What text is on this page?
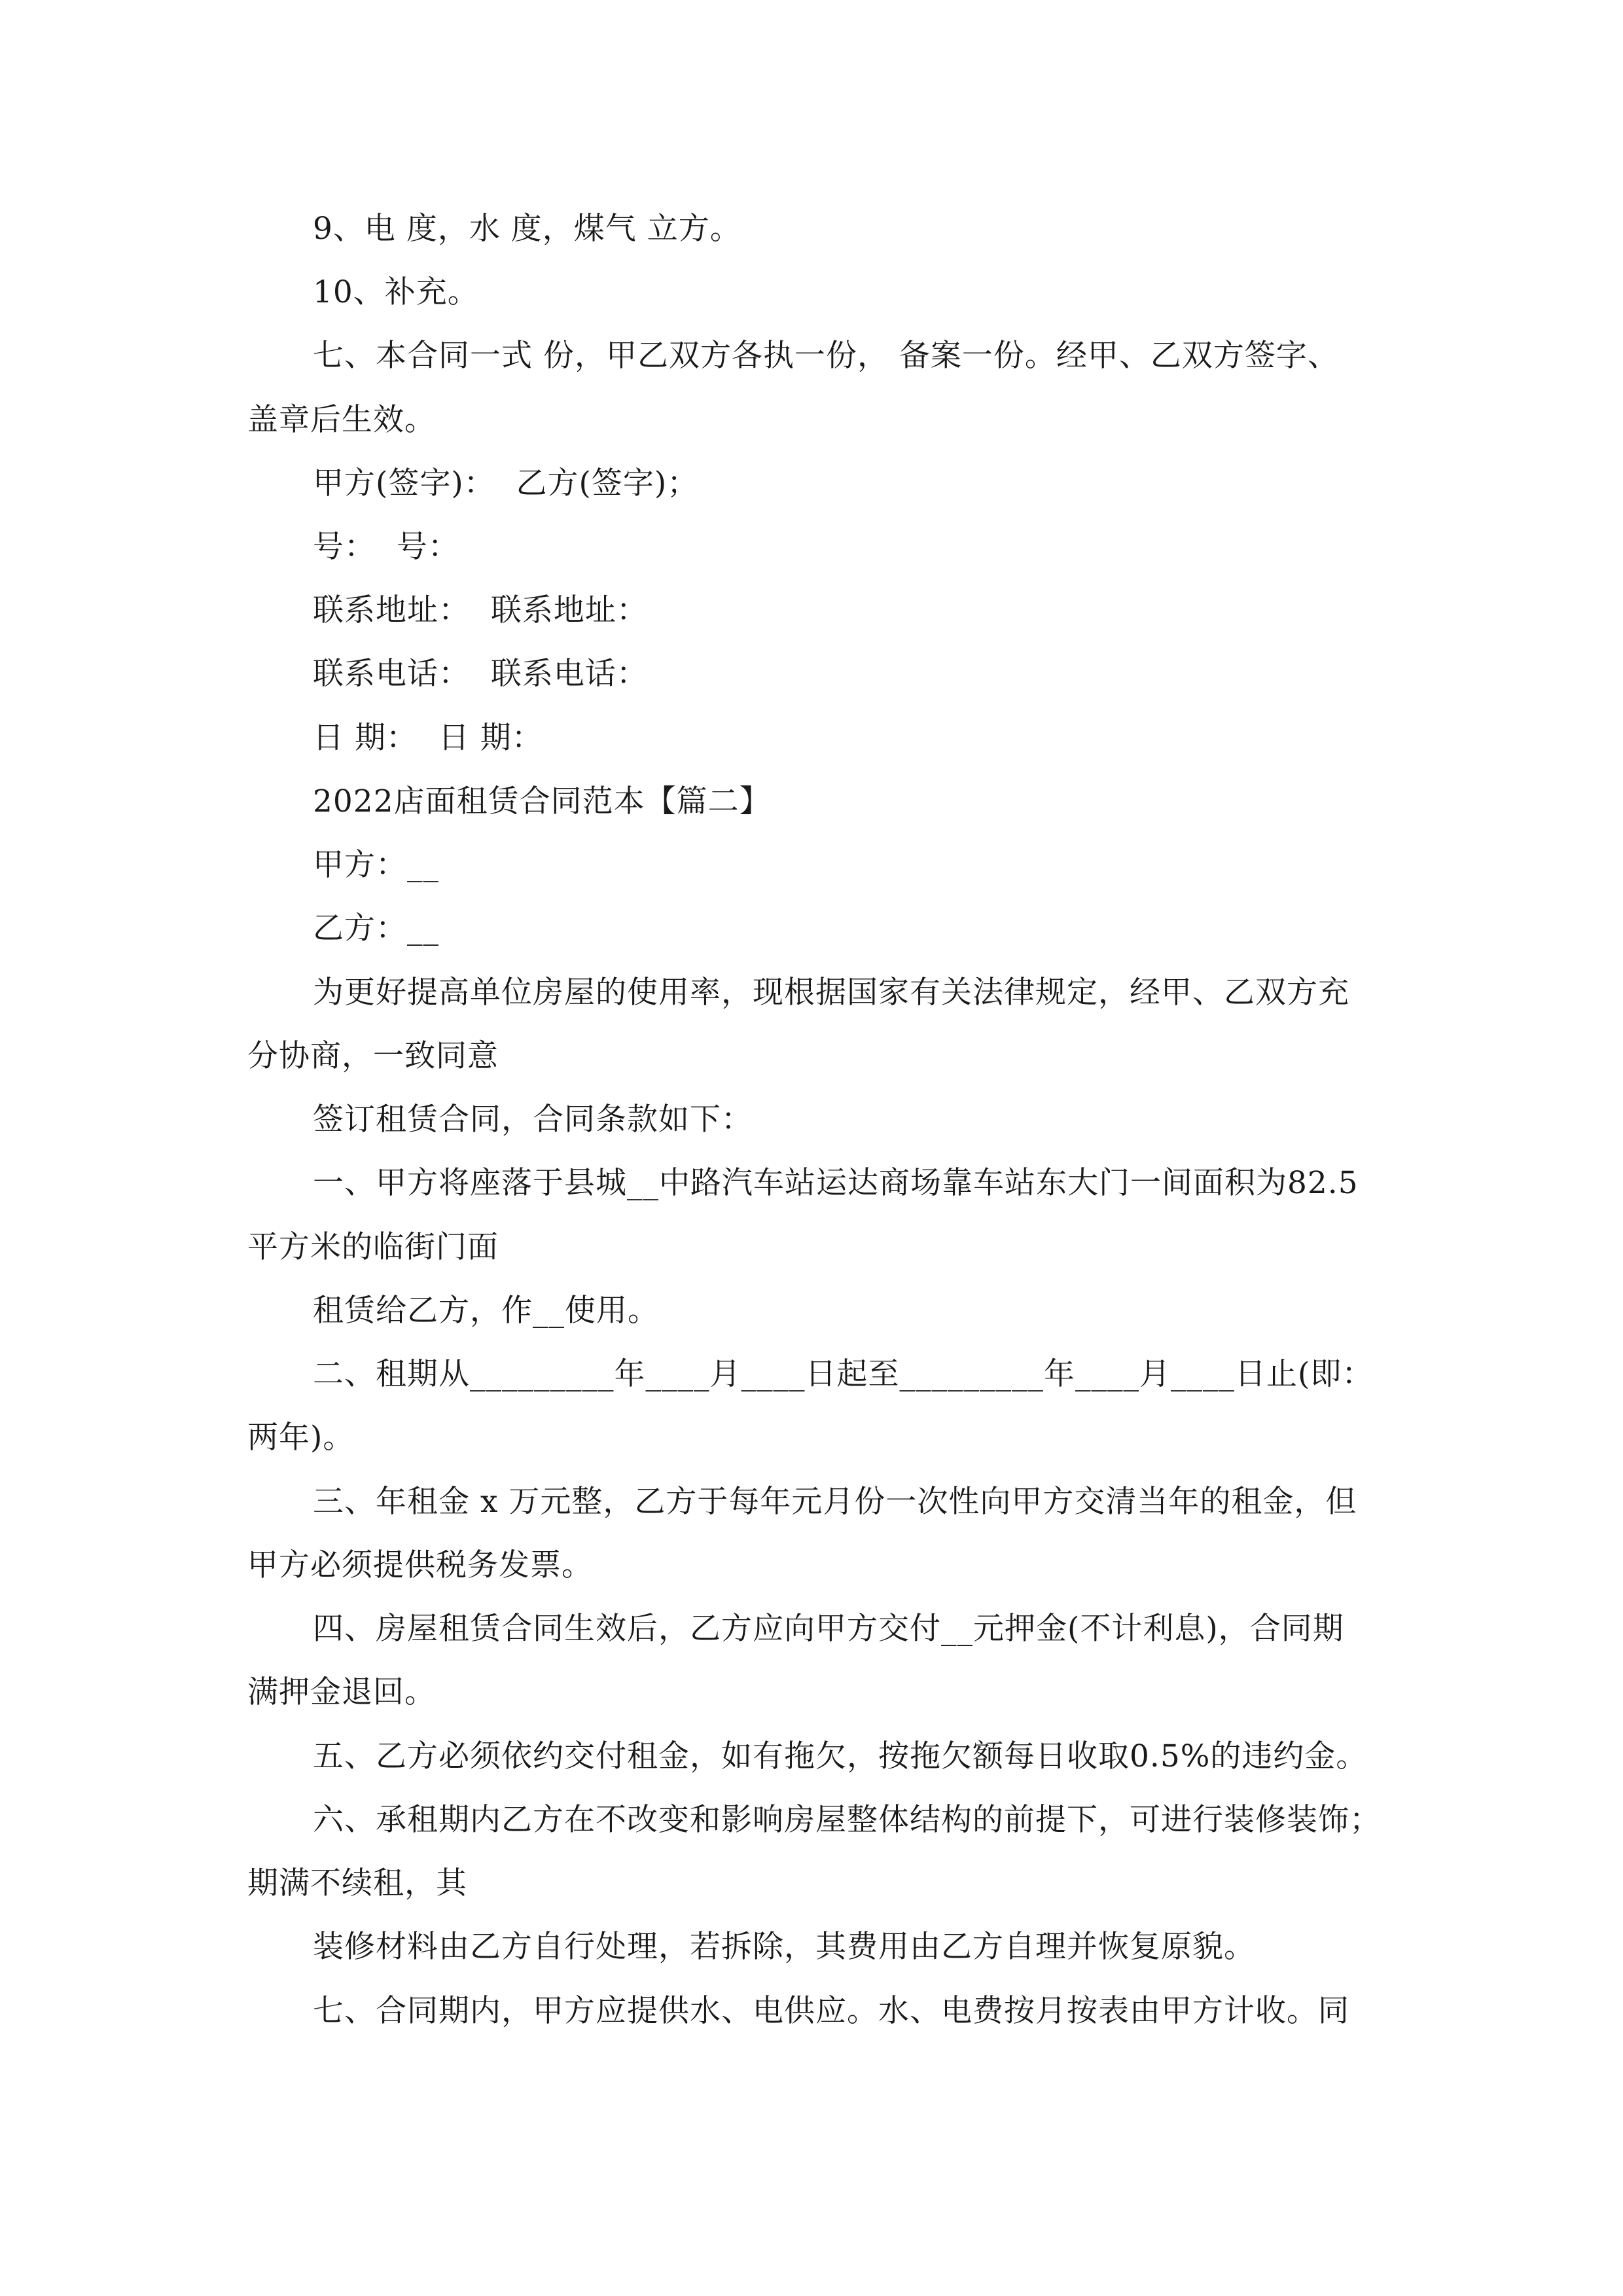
9、电 度，水 度，煤气 立方。
10、补充。
七、本合同一式 份，甲乙双方各执一份， 备案一份。经甲、乙双方签字、
盖章后生效。
甲方(签字)：  乙方(签字)；
号：  号：
联系地址：  联系地址：
联系电话：  联系电话：
日 期：  日 期：
2022店面租赁合同范本【篇二】
甲方：__
乙方：__
为更好提高单位房屋的使用率，现根据国家有关法律规定，经甲、乙双方充
分协商，一致同意
签订租赁合同，合同条款如下：
一、甲方将座落于县城__中路汽车站运达商场靠车站东大门一间面积为82.5
平方米的临街门面
租赁给乙方，作__使用。
二、租期从_________年____月____日起至_________年____月____日止(即：
两年)。
三、年租金 x 万元整，乙方于每年元月份一次性向甲方交清当年的租金，但
甲方必须提供税务发票。
四、房屋租赁合同生效后，乙方应向甲方交付__元押金(不计利息)，合同期
满押金退回。
五、乙方必须依约交付租金，如有拖欠，按拖欠额每日收取0.5%的违约金。
六、承租期内乙方在不改变和影响房屋整体结构的前提下，可进行装修装饰；
期满不续租，其
装修材料由乙方自行处理，若拆除，其费用由乙方自理并恢复原貌。
七、合同期内，甲方应提供水、电供应。水、电费按月按表由甲方计收。同
